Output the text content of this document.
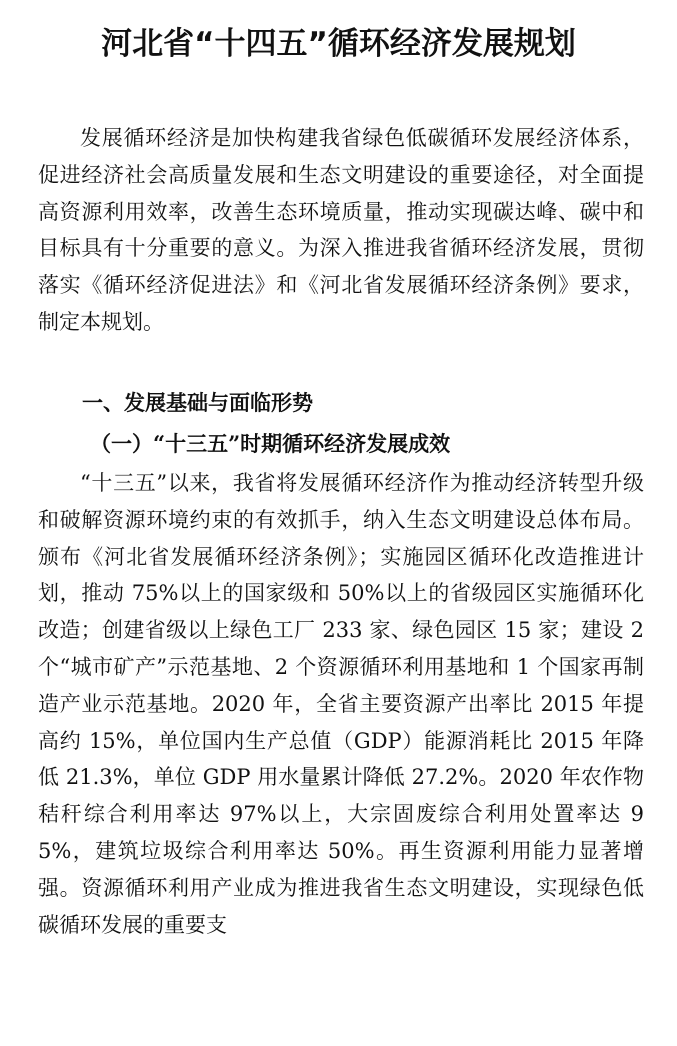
河北省“十四五”循环经济发展规划

发展循环经济是加快构建我省绿色低碳循环发展经济体系，促进经济社会高质量发展和生态文明建设的重要途径，对全面提高资源利用效率，改善生态环境质量，推动实现碳达峰、碳中和目标具有十分重要的意义。为深入推进我省循环经济发展，贯彻落实《循环经济促进法》和《河北省发展循环经济条例》要求，制定本规划。

一、发展基础与面临形势
（一）“十三五”时期循环经济发展成效

“十三五”以来，我省将发展循环经济作为推动经济转型升级和破解资源环境约束的有效抓手，纳入生态文明建设总体布局。颁布《河北省发展循环经济条例》；实施园区循环化改造推进计划，推动 75%以上的国家级和 50%以上的省级园区实施循环化改造；创建省级以上绿色工厂 233 家、绿色园区 15 家；建设 2 个“城市矿产”示范基地、2 个资源循环利用基地和 1 个国家再制造产业示范基地。2020 年，全省主要资源产出率比 2015 年提高约 15%，单位国内生产总值（GDP）能源消耗比 2015 年降低 21.3%，单位 GDP 用水量累计降低 27.2%。2020 年农作物秸秆综合利用率达 97%以上，大宗固废综合利用处置率达 95%，建筑垃圾综合利用率达 50%。再生资源利用能力显著增强。资源循环利用产业成为推进我省生态文明建设，实现绿色低碳循环发展的重要支
